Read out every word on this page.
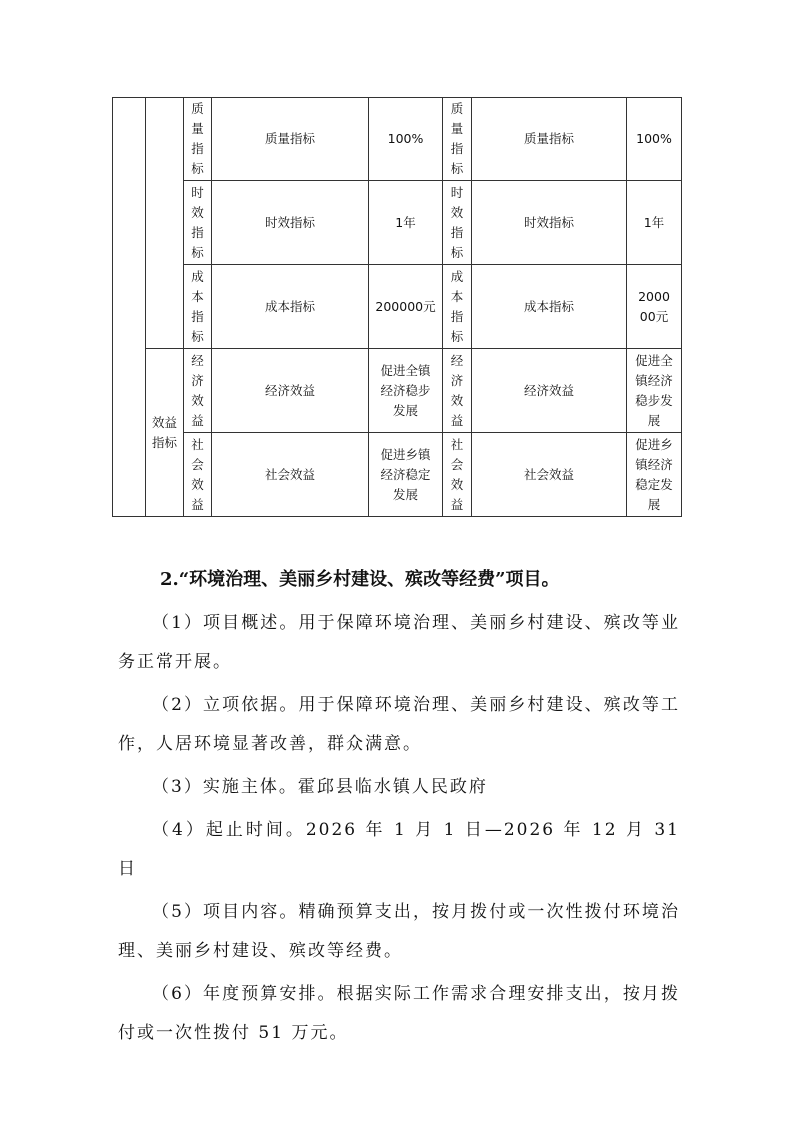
		质量指标	质量指标	100%	质量指标	质量指标	100%

		时效指标	时效指标	1年	时效指标	时效指标	1年

		成本指标	成本指标	200000元	成本指标	成本指标	200000元

	效益指标	经济效益	经济效益	促进全镇经济稳步发展	经济效益	经济效益	促进全镇经济稳步发展

		社会效益	社会效益	促进乡镇经济稳定发展	社会效益	社会效益	促进乡镇经济稳定发展
2.“环境治理、美丽乡村建设、殡改等经费”项目。
（1）项目概述。用于保障环境治理、美丽乡村建设、殡改等业务正常开展。
（2）立项依据。用于保障环境治理、美丽乡村建设、殡改等工作，人居环境显著改善，群众满意。
（3）实施主体。霍邱县临水镇人民政府
（4）起止时间。2026 年 1 月 1 日—2026 年 12 月 31 日
（5）项目内容。精确预算支出，按月拨付或一次性拨付环境治理、美丽乡村建设、殡改等经费。
（6）年度预算安排。根据实际工作需求合理安排支出，按月拨付或一次性拨付 51 万元。
